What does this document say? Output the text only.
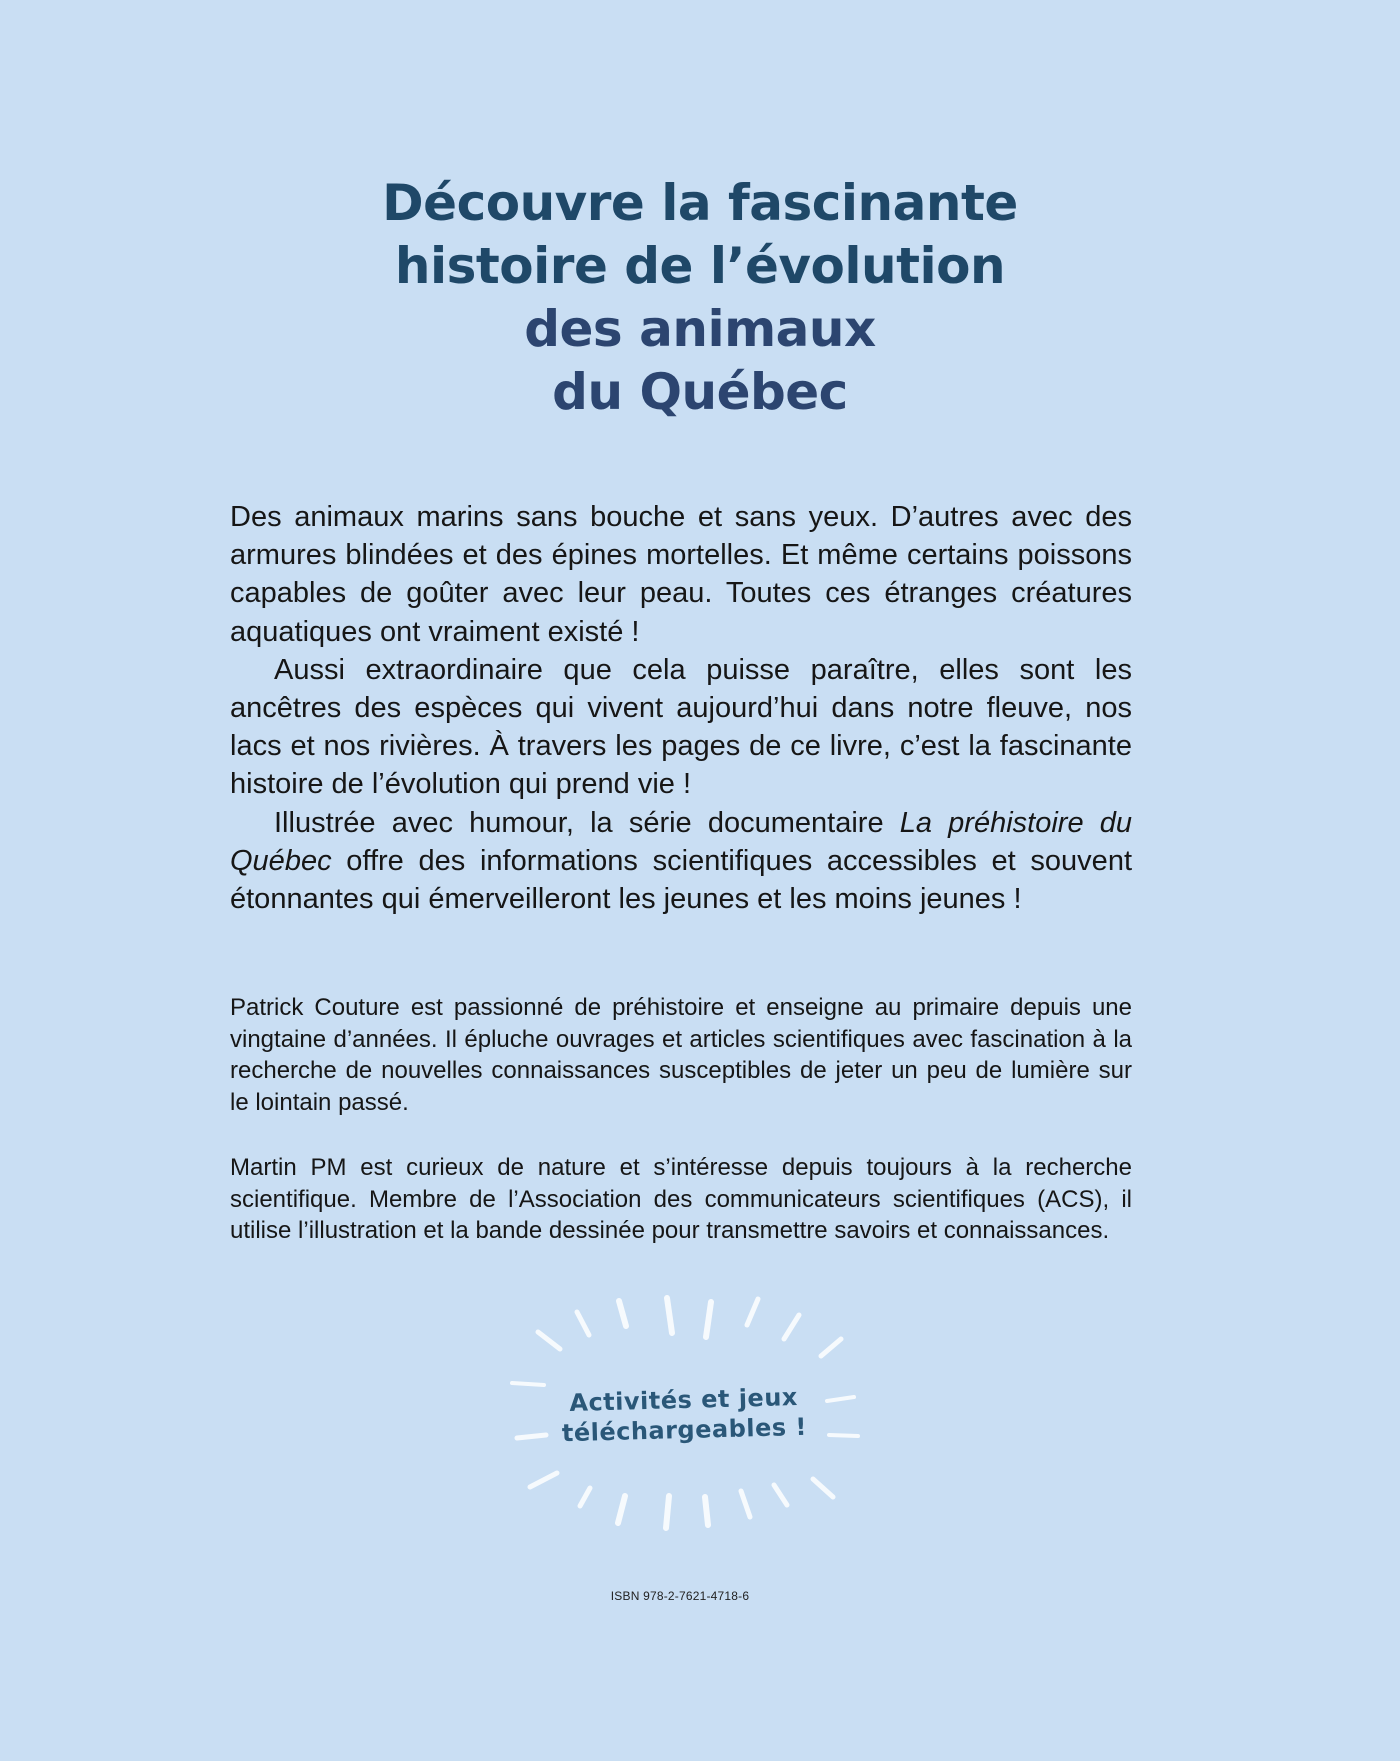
Découvre la fascinante
histoire de l’évolution
des animaux
du Québec

Des animaux marins sans bouche et sans yeux. D’autres avec des armures blindées et des épines mortelles. Et même certains poissons capables de goûter avec leur peau. Toutes ces étranges créatures aquatiques ont vraiment existé !

Aussi extraordinaire que cela puisse paraître, elles sont les ancêtres des espèces qui vivent aujourd’hui dans notre fleuve, nos lacs et nos rivières. À travers les pages de ce livre, c’est la fascinante histoire de l’évolution qui prend vie !

Illustrée avec humour, la série documentaire La préhistoire du Québec offre des informations scientifiques accessibles et souvent étonnantes qui émerveilleront les jeunes et les moins jeunes !

Patrick Couture est passionné de préhistoire et enseigne au primaire depuis une vingtaine d’années. Il épluche ouvrages et articles scientifiques avec fascination à la recherche de nouvelles connaissances susceptibles de jeter un peu de lumière sur le lointain passé.

Martin PM est curieux de nature et s’intéresse depuis toujours à la recherche scientifique. Membre de l’Association des communicateurs scientifiques (ACS), il utilise l’illustration et la bande dessinée pour transmettre savoirs et connaissances.

Activités et jeux
téléchargeables !
ISBN 978-2-7621-4718-6
